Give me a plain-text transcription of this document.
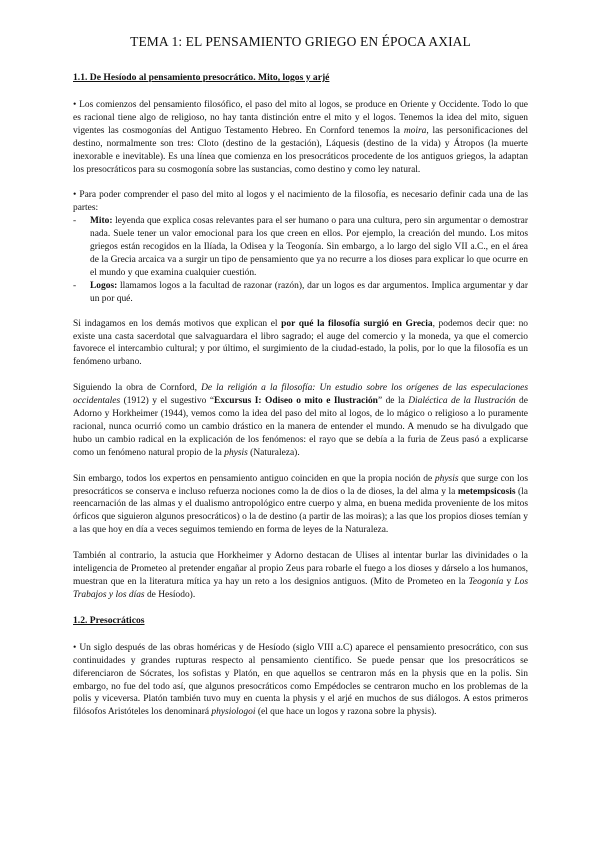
TEMA 1: EL PENSAMIENTO GRIEGO EN ÉPOCA AXIAL
1.1. De Hesíodo al pensamiento presocrático. Mito, logos y arjé

• Los comienzos del pensamiento filosófico, el paso del mito al logos, se produce en Oriente y Occidente. Todo lo que es racional tiene algo de religioso, no hay tanta distinción entre el mito y el logos. Tenemos la idea del mito, siguen vigentes las cosmogonías del Antiguo Testamento Hebreo. En Cornford tenemos la moira, las personificaciones del destino, normalmente son tres: Cloto (destino de la gestación), Láquesis (destino de la vida) y Átropos (la muerte inexorable e inevitable). Es una línea que comienza en los presocráticos procedente de los antiguos griegos, la adaptan los presocráticos para su cosmogonía sobre las sustancias, como destino y como ley natural.

• Para poder comprender el paso del mito al logos y el nacimiento de la filosofía, es necesario definir cada una de las partes:

- Mito: leyenda que explica cosas relevantes para el ser humano o para una cultura, pero sin argumentar o demostrar nada. Suele tener un valor emocional para los que creen en ellos. Por ejemplo, la creación del mundo. Los mitos griegos están recogidos en la Ilíada, la Odisea y la Teogonía. Sin embargo, a lo largo del siglo VII a.C., en el área de la Grecia arcaica va a surgir un tipo de pensamiento que ya no recurre a los dioses para explicar lo que ocurre en el mundo y que examina cualquier cuestión.
- Logos: llamamos logos a la facultad de razonar (razón), dar un logos es dar argumentos. Implica argumentar y dar un por qué.

Si indagamos en los demás motivos que explican el por qué la filosofía surgió en Grecia, podemos decir que: no existe una casta sacerdotal que salvaguardara el libro sagrado; el auge del comercio y la moneda, ya que el comercio favorece el intercambio cultural; y por último, el surgimiento de la ciudad-estado, la polis, por lo que la filosofía es un fenómeno urbano.

Siguiendo la obra de Cornford, De la religión a la filosofía: Un estudio sobre los orígenes de las especulaciones occidentales (1912) y el sugestivo “Excursus I: Odiseo o mito e Ilustración” de la Dialéctica de la Ilustración de Adorno y Horkheimer (1944), vemos como la idea del paso del mito al logos, de lo mágico o religioso a lo puramente racional, nunca ocurrió como un cambio drástico en la manera de entender el mundo. A menudo se ha divulgado que hubo un cambio radical en la explicación de los fenómenos: el rayo que se debía a la furia de Zeus pasó a explicarse como un fenómeno natural propio de la physis (Naturaleza).

Sin embargo, todos los expertos en pensamiento antiguo coinciden en que la propia noción de physis que surge con los presocráticos se conserva e incluso refuerza nociones como la de dios o la de dioses, la del alma y la metempsicosis (la reencarnación de las almas y el dualismo antropológico entre cuerpo y alma, en buena medida proveniente de los mitos órficos que siguieron algunos presocráticos) o la de destino (a partir de las moiras); a las que los propios dioses temían y a las que hoy en día a veces seguimos temiendo en forma de leyes de la Naturaleza.

También al contrario, la astucia que Horkheimer y Adorno destacan de Ulises al intentar burlar las divinidades o la inteligencia de Prometeo al pretender engañar al propio Zeus para robarle el fuego a los dioses y dárselo a los humanos, muestran que en la literatura mítica ya hay un reto a los designios antiguos. (Mito de Prometeo en la Teogonía y Los Trabajos y los días de Hesíodo).

1.2. Presocráticos

• Un siglo después de las obras homéricas y de Hesíodo (siglo VIII a.C) aparece el pensamiento presocrático, con sus continuidades y grandes rupturas respecto al pensamiento científico. Se puede pensar que los presocráticos se diferenciaron de Sócrates, los sofistas y Platón, en que aquellos se centraron más en la physis que en la polis. Sin embargo, no fue del todo así, que algunos presocráticos como Empédocles se centraron mucho en los problemas de la polis y viceversa. Platón también tuvo muy en cuenta la physis y el arjé en muchos de sus diálogos. A estos primeros filósofos Aristóteles los denominará physiologoi (el que hace un logos y razona sobre la physis).
